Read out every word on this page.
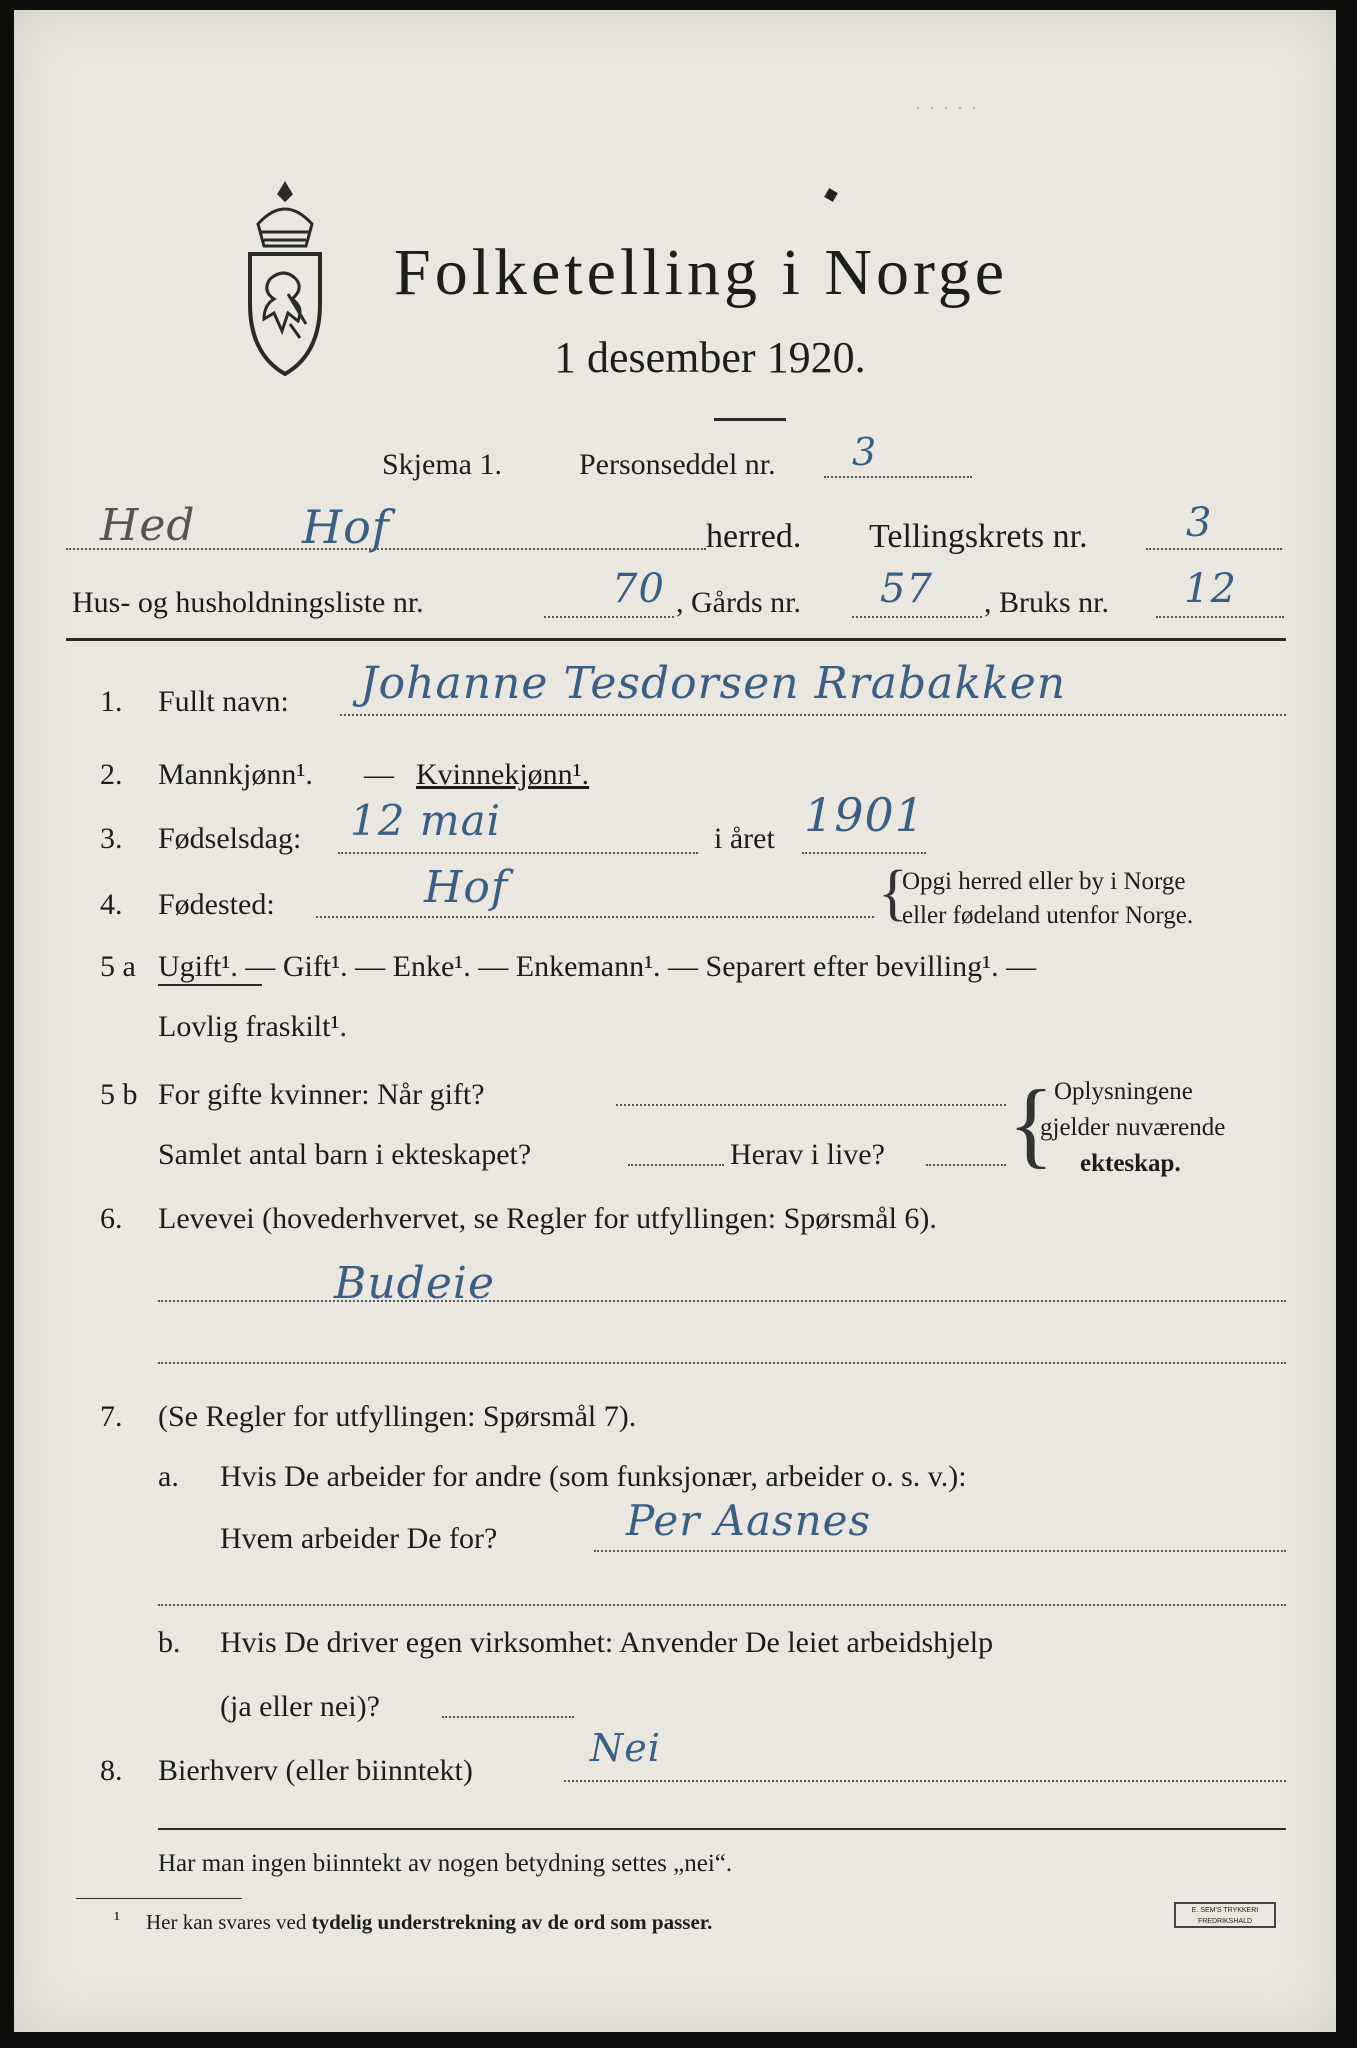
· · · · ·
Folketelling i Norge
1 desember 1920.
Skjema 1.	Personseddel nr. 3
Hed Hof	herred. Tellingskrets nr. 3
Hus- og husholdningsliste nr.	70 , Gårds nr. 57 , Bruks nr. 12
1. Fullt navn: Johanne Tesdorsen Rrabakken
2. Mannkjønn¹. — Kvinnekjønn¹.
3. Fødselsdag: 12 mai	i året 1901
4. Fødested:	Hof	{
Opgi herred eller by i Norge
eller fødeland utenfor Norge.
5 a Ugift¹. — Gift¹. — Enke¹. — Enkemann¹. — Separert efter bevilling¹. —
Lovlig fraskilt¹.
5 b For gifte kvinner: Når gift?
Samlet antal barn i ekteskapet?	Herav i live? { Oplysningene
gjelder nuværende
ekteskap.
6. Levevei (hovederhvervet, se Regler for utfyllingen: Spørsmål 6).
Budeie
7. (Se Regler for utfyllingen: Spørsmål 7).
a. Hvis De arbeider for andre (som funksjonær, arbeider o. s. v.):
Hvem arbeider De for?	Per Aasnes
b. Hvis De driver egen virksomhet: Anvender De leiet arbeidshjelp
(ja eller nei)?
8. Bierhverv (eller biinntekt)
Nei
Har man ingen biinntekt av nogen betydning settes „nei“.
¹ Her kan svares ved tydelig understrekning av de ord som passer.	E. SEM'S TRYKKERI FREDRIKSHALD
